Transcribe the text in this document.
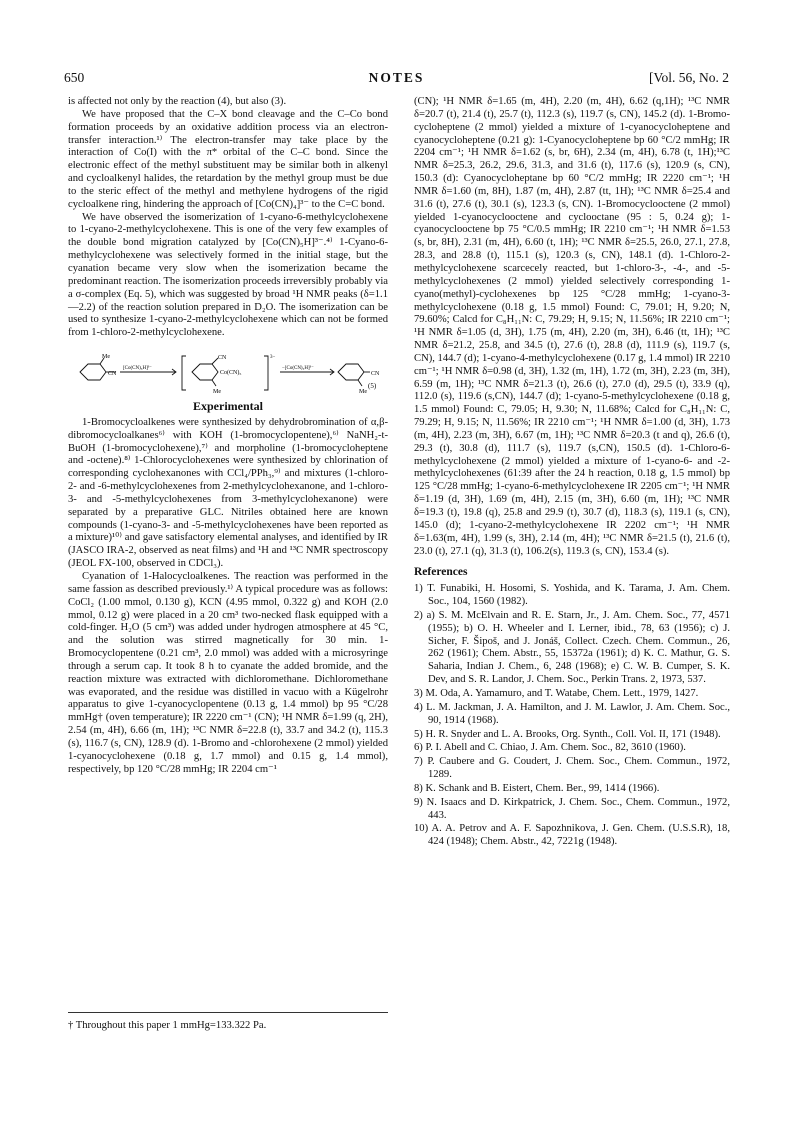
650	NOTES	[Vol. 56, No. 2

is affected not only by the reaction (4), but also (3).

We have proposed that the C–X bond cleavage and the C–Co bond formation proceeds by an oxidative addition process via an electron-transfer interaction.¹⁾ The electron-transfer may take place by the interaction of Co(I) with the π* orbital of the C–C bond. Since the electronic effect of the methyl substituent may be similar both in alkenyl and cycloalkenyl halides, the retardation by the methyl group must be due to the steric effect of the methyl and methylene hydrogens of the rigid cycloalkene ring, hindering the approach of [Co(CN)₄]³⁻ to the C=C bond.

We have observed the isomerization of 1-cyano-6-methylcyclohexene to 1-cyano-2-methylcyclohexene. This is one of the very few examples of the double bond migration catalyzed by [Co(CN)₅H]³⁻.⁴⁾ 1-Cyano-6-methylcyclohexene was selectively formed in the initial stage, but the cyanation became very slow when the isomerization became the predominant reaction. The isomerization proceeds irreversibly probably via a σ-complex (Eq. 5), which was suggested by broad ¹H NMR peaks (δ=1.1—2.2) of the reaction solution prepared in D₂O. The isomerization can be used to synthesize 1-cyano-2-methylcyclohexene which can not be formed from 1-chloro-2-methylcyclohexene.

Me
CN
[Co(CN)₅H]³⁻
CN
Co(CN)₅
3−
−[Co(CN)₅H]³⁻
CN
Me	Me
(5)
Experimental

1-Bromocycloalkenes were synthesized by dehydrobromination of α,β-dibromocycloalkanes⁶⁾ with KOH (1-bromocyclopentene),⁶⁾ NaNH₂-t-BuOH (1-bromocyclohexene),⁷⁾ and morpholine (1-bromocycloheptene and -octene).⁸⁾ 1-Chlorocyclohexenes were synthesized by chlorination of corresponding cyclohexanones with CCl₄/PPh₃,⁹⁾ and mixtures (1-chloro-2- and -6-methylcyclohexenes from 2-methylcyclohexanone, and 1-chloro-3- and -5-methylcyclohexenes from 3-methylcyclohexanone) were separated by a preparative GLC. Nitriles obtained here are known compounds (1-cyano-3- and -5-methylcyclohexenes have been reported as a mixture)¹⁰⁾ and gave satisfactory elemental analyses, and identified by IR (JASCO IRA-2, observed as neat films) and ¹H and ¹³C NMR spectroscopy (JEOL FX-100, observed in CDCl₃).

Cyanation of 1-Halocycloalkenes. The reaction was performed in the same fassion as described previously.¹⁾ A typical procedure was as follows: CoCl₂ (1.00 mmol, 0.130 g), KCN (4.95 mmol, 0.322 g) and KOH (2.0 mmol, 0.12 g) were placed in a 20 cm³ two-necked flask equipped with a cold-finger. H₂O (5 cm³) was added under hydrogen atmosphere at 45 °C, and the solution was stirred magnetically for 30 min. 1-Bromocyclopentene (0.21 cm³, 2.0 mmol) was added with a microsyringe through a serum cap. It took 8 h to cyanate the added bromide, and the reaction mixture was extracted with dichloromethane. Dichloromethane was evaporated, and the residue was distilled in vacuo with a Kügelrohr apparatus to give 1-cyanocyclopentene (0.13 g, 1.4 mmol) bp 95 °C/28 mmHg† (oven temperature); IR 2220 cm⁻¹ (CN); ¹H NMR δ=1.99 (q, 2H), 2.54 (m, 4H), 6.66 (m, 1H); ¹³C NMR δ=22.8 (t), 33.7 and 34.2 (t), 115.3 (s), 116.7 (s, CN), 128.9 (d). 1-Bromo and -chlorohexene (2 mmol) yielded 1-cyanocyclohexene (0.18 g, 1.7 mmol) and 0.15 g, 1.4 mmol), respectively, bp 120 °C/28 mmHg; IR 2204 cm⁻¹

(CN); ¹H NMR δ=1.65 (m, 4H), 2.20 (m, 4H), 6.62 (q,1H); ¹³C NMR δ=20.7 (t), 21.4 (t), 25.7 (t), 112.3 (s), 119.7 (s, CN), 145.2 (d). 1-Bromo-cycloheptene (2 mmol) yielded a mixture of 1-cyanocycloheptene and cyanocycloheptene (0.21 g): 1-Cyanocycloheptene bp 60 °C/2 mmHg; IR 2204 cm⁻¹; ¹H NMR δ=1.62 (s, br, 6H), 2.34 (m, 4H), 6.78 (t, 1H);¹³C NMR δ=25.3, 26.2, 29.6, 31.3, and 31.6 (t), 117.6 (s), 120.9 (s, CN), 150.3 (d): Cyanocycloheptane bp 60 °C/2 mmHg; IR 2220 cm⁻¹; ¹H NMR δ=1.60 (m, 8H), 1.87 (m, 4H), 2.87 (tt, 1H); ¹³C NMR δ=25.4 and 31.6 (t), 27.6 (t), 30.1 (s), 123.3 (s, CN). 1-Bromocyclooctene (2 mmol) yielded 1-cyanocyclooctene and cyclooctane (95 : 5, 0.24 g); 1-cyanocyclooctene bp 75 °C/0.5 mmHg; IR 2210 cm⁻¹; ¹H NMR δ=1.53 (s, br, 8H), 2.31 (m, 4H), 6.60 (t, 1H); ¹³C NMR δ=25.5, 26.0, 27.1, 27.8, 28.3, and 28.8 (t), 115.1 (s), 120.3 (s, CN), 148.1 (d). 1-Chloro-2-methylcyclohexene scarcecely reacted, but 1-chloro-3-, -4-, and -5-methylcyclohexenes (2 mmol) yielded selectively corresponding 1-cyano(methyl)-cyclohexenes bp 125 °C/28 mmHg; 1-cyano-3-methylcyclohexene (0.18 g, 1.5 mmol) Found: C, 79.01; H, 9.20; N, 79.60%; Calcd for C₈H₁₁N: C, 79.29; H, 9.15; N, 11.56%; IR 2210 cm⁻¹; ¹H NMR δ=1.05 (d, 3H), 1.75 (m, 4H), 2.20 (m, 3H), 6.46 (tt, 1H); ¹³C NMR δ=21.2, 25.8, and 34.5 (t), 27.6 (t), 28.8 (d), 111.9 (s), 119.7 (s, CN), 144.7 (d); 1-cyano-4-methylcyclohexene (0.17 g, 1.4 mmol) IR 2210 cm⁻¹; ¹H NMR δ=0.98 (d, 3H), 1.32 (m, 1H), 1.72 (m, 3H), 2.23 (m, 3H), 6.59 (m, 1H); ¹³C NMR δ=21.3 (t), 26.6 (t), 27.0 (d), 29.5 (t), 33.9 (q), 112.0 (s), 119.6 (s,CN), 144.7 (d); 1-cyano-5-methylcyclohexene (0.18 g, 1.5 mmol) Found: C, 79.05; H, 9.30; N, 11.68%; Calcd for C₈H₁₁N: C, 79.29; H, 9.15; N, 11.56%; IR 2210 cm⁻¹; ¹H NMR δ=1.00 (d, 3H), 1.73 (m, 4H), 2.23 (m, 3H), 6.67 (m, 1H); ¹³C NMR δ=20.3 (t and q), 26.6 (t), 29.3 (t), 30.8 (d), 111.7 (s), 119.7 (s,CN), 150.5 (d). 1-Chloro-6-methylcyclohexene (2 mmol) yielded a mixture of 1-cyano-6- and -2-methylcyclohexenes (61:39 after the 24 h reaction, 0.18 g, 1.5 mmol) bp 125 °C/28 mmHg; 1-cyano-6-methylcyclohexene IR 2205 cm⁻¹; ¹H NMR δ=1.19 (d, 3H), 1.69 (m, 4H), 2.15 (m, 3H), 6.60 (m, 1H); ¹³C NMR δ=19.3 (t), 19.8 (q), 25.8 and 29.9 (t), 30.7 (d), 118.3 (s), 119.1 (s, CN), 145.0 (d); 1-cyano-2-methylcyclohexene IR 2202 cm⁻¹; ¹H NMR δ=1.63(m, 4H), 1.99 (s, 3H), 2.14 (m, 4H); ¹³C NMR δ=21.5 (t), 21.6 (t), 23.0 (t), 27.1 (q), 31.3 (t), 106.2(s), 119.3 (s, CN), 153.4 (s).

References

1) T. Funabiki, H. Hosomi, S. Yoshida, and K. Tarama, J. Am. Chem. Soc., 104, 1560 (1982).

2) a) S. M. McElvain and R. E. Starn, Jr., J. Am. Chem. Soc., 77, 4571 (1955); b) O. H. Wheeler and I. Lerner, ibid., 78, 63 (1956); c) J. Sicher, F. Šipoš, and J. Jonáš, Collect. Czech. Chem. Commun., 26, 262 (1961); Chem. Abstr., 55, 15372a (1961); d) K. C. Mathur, G. S. Saharia, Indian J. Chem., 6, 248 (1968); e) C. W. B. Cumper, S. K. Dev, and S. R. Landor, J. Chem. Soc., Perkin Trans. 2, 1973, 537.

3) M. Oda, A. Yamamuro, and T. Watabe, Chem. Lett., 1979, 1427.

4) L. M. Jackman, J. A. Hamilton, and J. M. Lawlor, J. Am. Chem. Soc., 90, 1914 (1968).

5) H. R. Snyder and L. A. Brooks, Org. Synth., Coll. Vol. II, 171 (1948).

6) P. I. Abell and C. Chiao, J. Am. Chem. Soc., 82, 3610 (1960).

7) P. Caubere and G. Coudert, J. Chem. Soc., Chem. Commun., 1972, 1289.

8) K. Schank and B. Eistert, Chem. Ber., 99, 1414 (1966).

9) N. Isaacs and D. Kirkpatrick, J. Chem. Soc., Chem. Commun., 1972, 443.

10) A. A. Petrov and A. F. Sapozhnikova, J. Gen. Chem. (U.S.S.R), 18, 424 (1948); Chem. Abstr., 42, 7221g (1948).

† Throughout this paper 1 mmHg=133.322 Pa.
